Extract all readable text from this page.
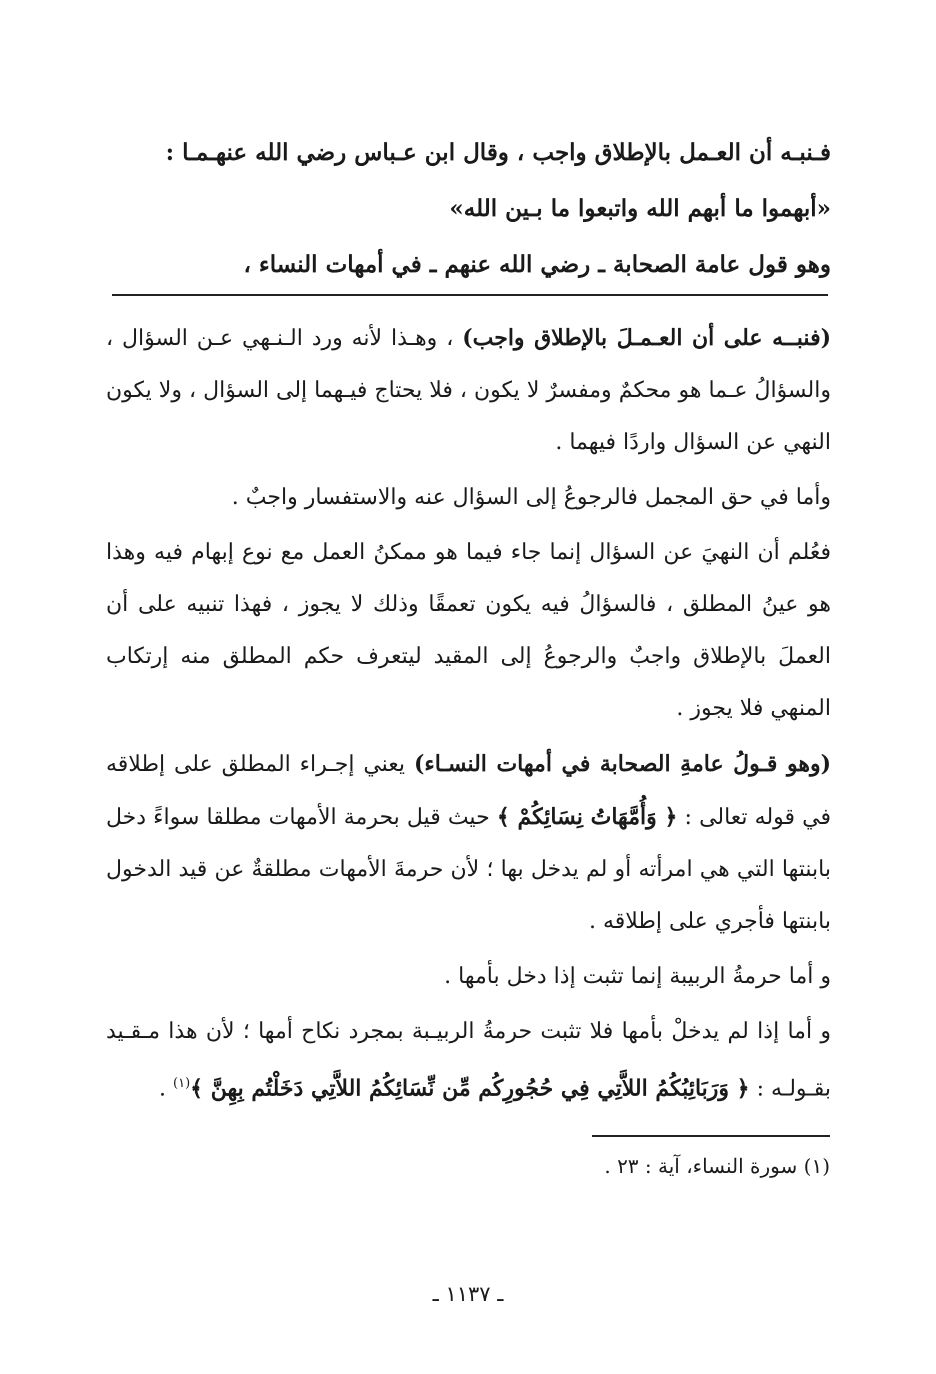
فـنبـه أن العـمل بالإطلاق واجب ، وقال ابن عـباس رضي الله عنهـمـا :

«أبهموا ما أبهم الله واتبعوا ما بـين الله»

وهو قول عامة الصحابة ـ رضي الله عنهم ـ في أمهات النساء ،

(فنبــه على أن العـمـلَ بالإطلاق واجب) ، وهـذا لأنه ورد الـنـهي عـن السؤال ، والسؤالُ عـما هو محكمٌ ومفسرٌ لا يكون ، فلا يحتاج فيـهما إلى السؤال ، ولا يكون النهي عن السؤال واردًا فيهما .

وأما في حق المجمل فالرجوعُ إلى السؤال عنه والاستفسار واجبٌ .

فعُلم أن النهيَ عن السؤال إنما جاء فيما هو ممكنُ العمل مع نوع إبهام فيه وهذا هو عينُ المطلق ، فالسؤالُ فيه يكون تعمقًا وذلك لا يجوز ، فهذا تنبيه على أن العملَ بالإطلاق واجبٌ والرجوعُ إلى المقيد ليتعرف حكم المطلق منه إرتكاب المنهي فلا يجوز .

(وهو قـولُ عامةِ الصحابة في أمهات النسـاء) يعني إجـراء المطلق على إطلاقه في قوله تعالى : ﴿ وَأُمَّهَاتُ نِسَائِكُمْ ﴾ حيث قيل بحرمة الأمهات مطلقا سواءً دخل بابنتها التي هي امرأته أو لم يدخل بها ؛ لأن حرمةَ الأمهات مطلقةٌ عن قيد الدخول بابنتها فأجري على إطلاقه .

و أما حرمةُ الربيبة إنما تثبت إذا دخل بأمها .

و أما إذا لم يدخلْ بأمها فلا تثبت حرمةُ الربيـبة بمجرد نكاح أمها ؛ لأن هذا مـقـيد بقـولـه : ﴿ وَرَبَائِبُكُمُ اللاَّتِي فِي حُجُورِكُم مِّن نِّسَائِكُمُ اللاَّتِي دَخَلْتُم بِهِنَّ ﴾$^{(١)}$ .

(١) سورة النساء، آية : ٢٣ .
ـ ١١٣٧ ـ
